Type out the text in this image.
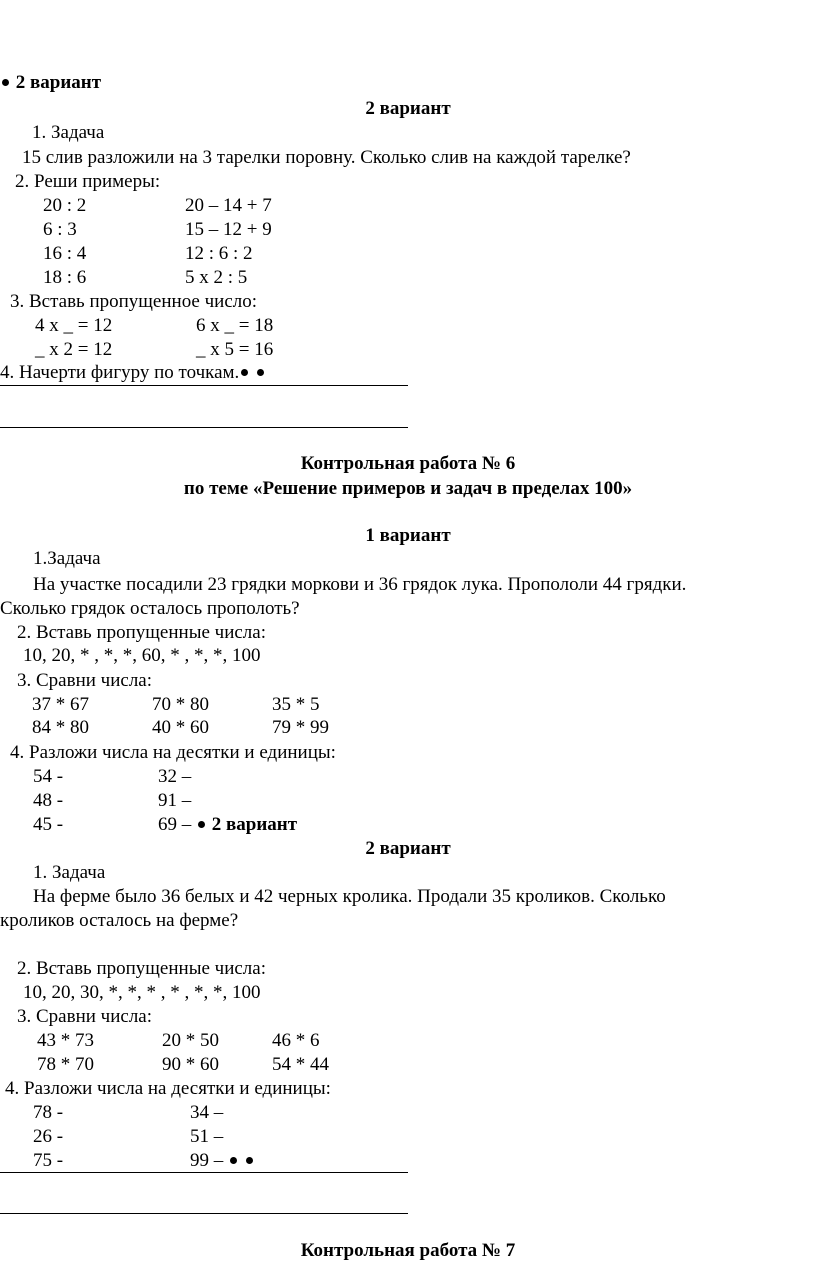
2 вариант
2 вариант
1. Задача
15 слив разложили на 3 тарелки поровну. Сколько слив на каждой тарелке?
2. Реши примеры:
20 : 2	20 – 14 + 7
6 : 3	15 – 12 + 9
16 : 4	12 : 6 : 2
18 : 6	5 х 2 : 5
3. Вставь пропущенное число:
4 х _ = 12	6 х _ = 18
_ х 2 = 12	_ х 5 = 16
4. Начерти фигуру по точкам.
Контрольная работа № 6
по теме «Решение примеров и задач в пределах 100»
1 вариант
1.Задача
На участке посадили 23 грядки моркови и 36 грядок лука. Пропололи 44 грядки.
Сколько грядок осталось прополоть?
2. Вставь пропущенные числа:
10, 20, * , *, *, 60, * , *, *, 100
3. Сравни числа:
37 * 67	70 * 80	35 * 5
84 * 80	40 * 60	79 * 99
4. Разложи числа на десятки и единицы:
54 -	32 –
48 -	91 –
45 -	69 – 2 вариант
2 вариант
1. Задача
На ферме было 36 белых и 42 черных кролика. Продали 35 кроликов. Сколько
кроликов осталось на ферме?
2. Вставь пропущенные числа:
10, 20, 30, *, *, * , * , *, *, 100
3. Сравни числа:
43 * 73	20 * 50	46 * 6
78 * 70	90 * 60	54 * 44
4. Разложи числа на десятки и единицы:
78 -	34 –
26 -	51 –
75 -	99 –
Контрольная работа № 7
